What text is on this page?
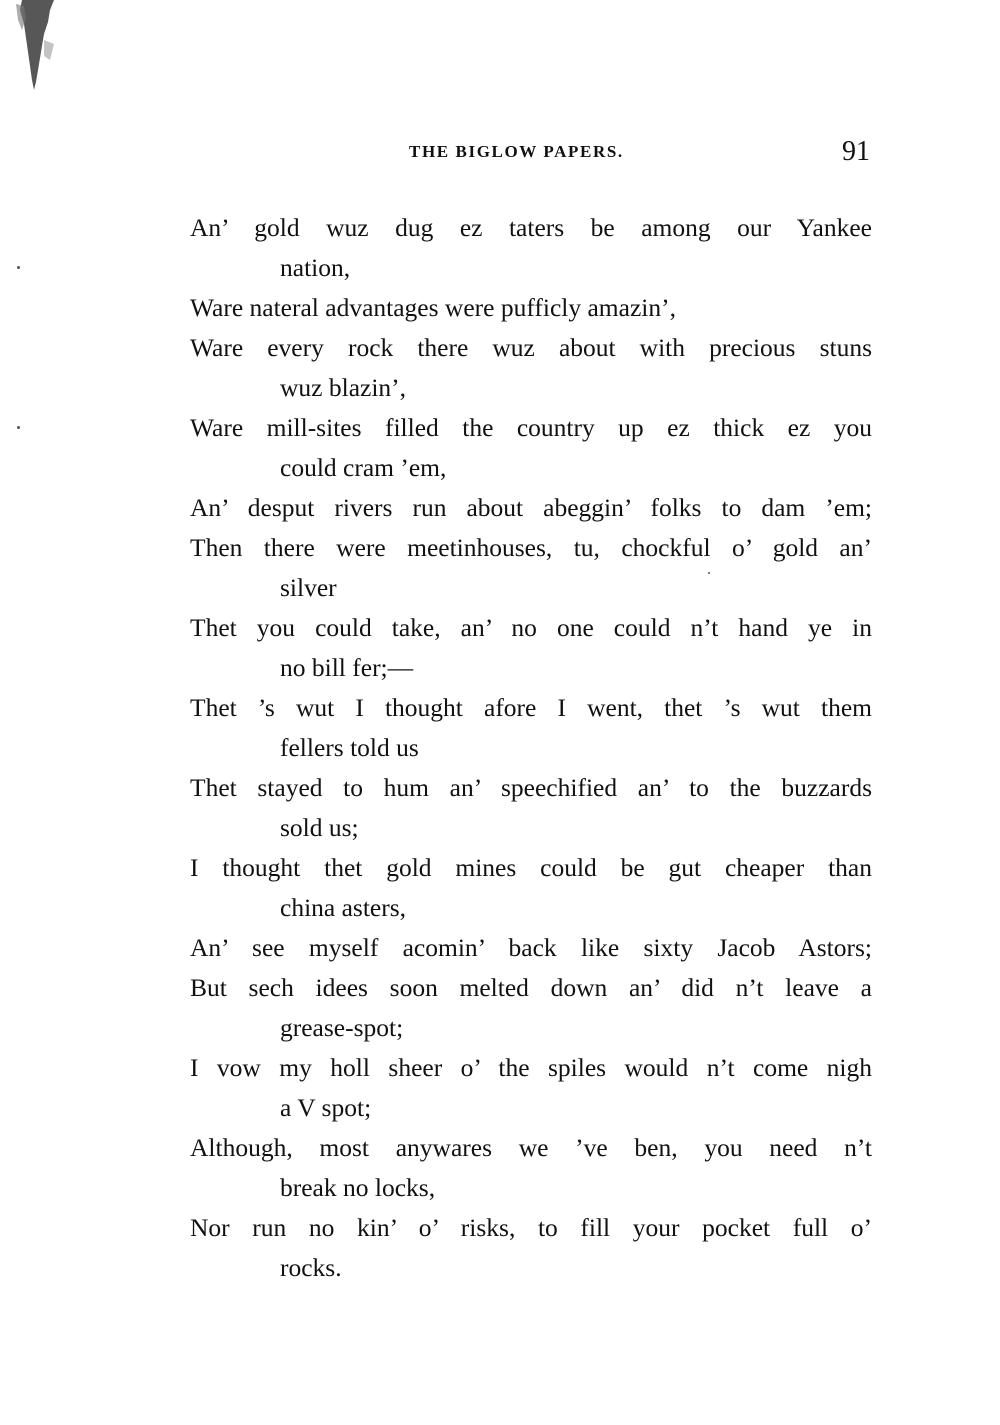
THE BIGLOW PAPERS.	91
An’ gold wuz dug ez taters be among our Yankee
nation,
Ware nateral advantages were pufficly amazin’,
Ware every rock there wuz about with precious stuns
wuz blazin’,
Ware mill-sites filled the country up ez thick ez you
could cram ’em,
An’ desput rivers run about abeggin’ folks to dam ’em;
Then there were meetinhouses, tu, chockful o’ gold an’
silver
Thet you could take, an’ no one could n’t hand ye in
no bill fer;—
Thet ’s wut I thought afore I went, thet ’s wut them
fellers told us
Thet stayed to hum an’ speechified an’ to the buzzards
sold us;
I thought thet gold mines could be gut cheaper than
china asters,
An’ see myself acomin’ back like sixty Jacob Astors;
But sech idees soon melted down an’ did n’t leave a
grease-spot;
I vow my holl sheer o’ the spiles would n’t come nigh
a V spot;
Although, most anywares we ’ve ben, you need n’t
break no locks,
Nor run no kin’ o’ risks, to fill your pocket full o’
rocks.
